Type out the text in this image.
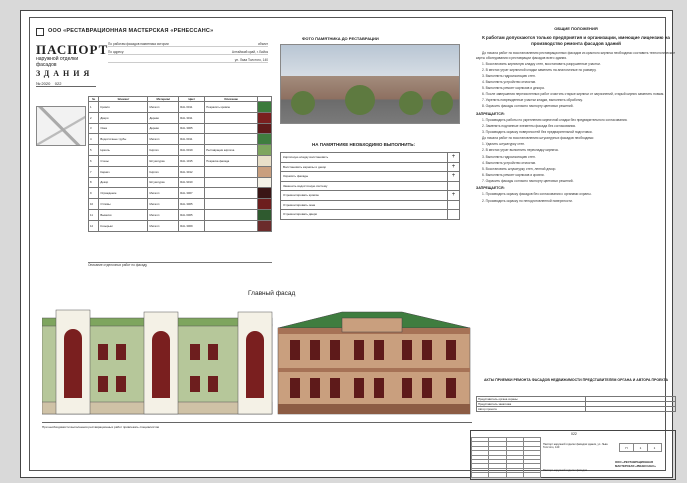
ООО «РЕСТАВРАЦИОННАЯ МАСТЕРСКАЯ «РЕНЕССАНС»
ПАСПОРТ
наружной отделки фасадов
ЗДАНИЯ
№ 2020 022
По работам фасадов памятника истории	объект
По адресу:	Алтайский край, г. Бийск
ул. Льва Толстого, 140
№	Элемент	Материал	Цвет	Описание	
1	Кровля	Металл	RAL 6011	Покрасить кровлю	
2	Двери	Дерево	RAL 3011		
3	Окна	Дерево	RAL 3005		
4	Водосточные трубы	Металл	RAL 6011		
5	Цоколь	Кирпич	RAL 6019	Реставрация кирпича	
6	Стены	Штукатурка	RAL 1015	Покраска фасада	
7	Карниз	Кирпич	RAL 3012		
8	Декор	Штукатурка	RAL 9010		
9	Ограждение	Металл	RAL 3007		
10	Отливы	Металл	RAL 3005		
11	Вывески	Металл	RAL 6005		
12	Козырьки	Металл	RAL 3009		
Описание отделочных работ по фасаду
ФОТО ПАМЯТНИКА ДО РЕСТАВРАЦИИ
НА ПАМЯТНИКЕ НЕОБХОДИМО ВЫПОЛНИТЬ:
Кирпичную кладку восстановить	+
Восстановить карнизы и декор	+
Окрасить фасады	+
Заменить водосточную систему	
Отремонтировать кровлю	+
Отремонтировать окна	
Отремонтировать двери	
ОБЩИЕ ПОЛОЖЕНИЯ
К работам допускаются только предприятия и организации, имеющие лицензию на производство ремонта фасадов зданий

До начала работ по восстановлению реставрационных фасадов из красного кирпича необходимо составить технологические карты обследования и реставрации фасадов всего здания.

1. Восстановить кирпичную кладку стен, восстановить разрушенные участки.

2. В местах утрат кирпичной кладки заменить на аналогичные по размеру.

3. Выполнить гидроизоляцию стен.

4. Выполнить устройство отмостки.

5. Выполнить ремонт карнизов и декора.

6. После завершения перечисленных работ очистить старые кирпичи от загрязнений, старый кирпич заменить новым.

7. Укрепить поврежденные участки кладки, выполнить обработку.

8. Окрасить фасады согласно паспорту цветовых решений.

ЗАПРЕЩАЕТСЯ:

1. Производить работы по укреплению кирпичной кладки без предварительного согласования.

2. Заменять подлинные элементы фасада без согласования.

3. Производить окраску поверхностей без предварительной подготовки.

До начала работ по восстановлению штукатурных фасадов необходимо:

1. Удалить штукатурку стен.

2. В местах утрат выполнить перекладку кирпича.

3. Выполнить гидроизоляцию стен.

4. Выполнить устройство отмостки.

5. Восстановить штукатурку стен, лепной декор.

6. Выполнить ремонт карнизов и кровли.

7. Окрасить фасады согласно паспорту цветовых решений.

ЗАПРЕЩАЕТСЯ:

1. Производить окраску фасадов без согласования с органами охраны.

2. Производить окраску по неподготовленной поверхности.

Главный фасад
При необходимости выполнения реставрационных работ привлекать специалистов
АКТЫ ПРИЕМКИ РЕМОНТА ФАСАДОВ НЕДВИЖИМОСТИ ПРЕДСТАВИТЕЛЕМ ОРГАНА И АВТОРА ПРОЕКТА
Представитель органа охраны	
Представитель заказчика	
Автор проекта	
022

Паспорт наружной отделки фасадов здания, ул. Льва Толстого, 140	П	1	1
Паспорт наружной отделки фасадов
ООО «РЕСТАВРАЦИОННАЯ МАСТЕРСКАЯ «РЕНЕССАНС»
